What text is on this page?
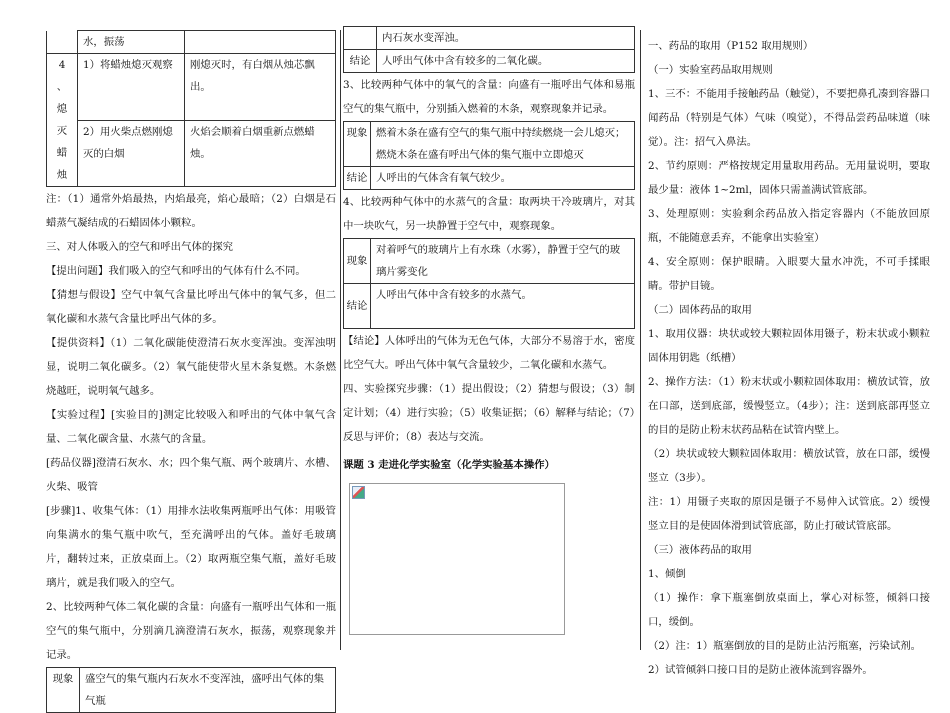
	水，振荡	
4 、熄灭蜡烛	1）将蜡烛熄灭观察	刚熄灭时，有白烟从烛芯飘出。
	2）用火柴点燃刚熄灭的白烟	火焰会顺着白烟重新点燃蜡烛。

注：（1）通常外焰最热，内焰最亮，焰心最暗；（2）白烟是石蜡蒸气凝结成的石蜡固体小颗粒。

三、对人体吸入的空气和呼出气体的探究

【提出问题】我们吸入的空气和呼出的气体有什么不同。

【猜想与假设】空气中氧气含量比呼出气体中的氧气多，但二氧化碳和水蒸气含量比呼出气体的多。

【提供资料】（1）二氧化碳能使澄清石灰水变浑浊。变浑浊明显，说明二氧化碳多。（2）氧气能使带火星木条复燃。木条燃烧越旺，说明氧气越多。

【实验过程】[实验目的]测定比较吸入和呼出的气体中氧气含量、二氧化碳含量、水蒸气的含量。

[药品仪器]澄清石灰水、水；四个集气瓶、两个玻璃片、水槽、火柴、吸管

[步骤]1、收集气体：（1）用排水法收集两瓶呼出气体：用吸管向集满水的集气瓶中吹气，至充满呼出的气体。盖好毛玻璃片，翻转过来，正放桌面上。（2）取两瓶空集气瓶，盖好毛玻璃片，就是我们吸入的空气。

2、比较两种气体二氧化碳的含量：向盛有一瓶呼出气体和一瓶空气的集气瓶中，分别滴几滴澄清石灰水，振荡，观察现象并记录。

现象	盛空气的集气瓶内石灰水不变浑浊，盛呼出气体的集气瓶
	内石灰水变浑浊。
结论	人呼出气体中含有较多的二氧化碳。

3、比较两种气体中的氧气的含量：向盛有一瓶呼出气体和易瓶空气的集气瓶中，分别插入燃着的木条，观察现象并记录。

现象	燃着木条在盛有空气的集气瓶中持续燃烧一会儿熄灭；燃烧木条在盛有呼出气体的集气瓶中立即熄灭
结论	人呼出的气体含有氧气较少。

4、比较两种气体中的水蒸气的含量：取两块干冷玻璃片，对其中一块吹气，另一块静置于空气中，观察现象。

现象	对着呼气的玻璃片上有水珠（水雾），静置于空气的玻璃片雾变化
结论	人呼出气体中含有较多的水蒸气。

【结论】人体呼出的气体为无色气体，大部分不易溶于水，密度比空气大。呼出气体中氧气含量较少，二氧化碳和水蒸气。

四、实验探究步骤：（1）提出假设；（2）猜想与假设；（3）制定计划；（4）进行实验；（5）收集证据；（6）解释与结论；（7）反思与评价；（8）表达与交流。

课题 3 走进化学实验室（化学实验基本操作）

一、药品的取用（P152 取用规则）

（一）实验室药品取用规则

1、三不：不能用手接触药品（触觉），不要把鼻孔凑到容器口闻药品（特别是气体）气味（嗅觉），不得品尝药品味道（味觉）。注：招气入鼻法。

2、节约原则：严格按规定用量取用药品。无用量说明，要取最少量：液体 1~2ml，固体只需盖满试管底部。

3、处理原则：实验剩余药品放入指定容器内（不能放回原瓶，不能随意丢弃，不能拿出实验室）

4、安全原则：保护眼睛。入眼要大量水冲洗，不可手揉眼睛。带护目镜。

（二）固体药品的取用

1、取用仪器：块状或较大颗粒固体用镊子，粉末状或小颗粒固体用钥匙（纸槽）

2、操作方法：（1）粉末状或小颗粒固体取用：横放试管，放在口部，送到底部，缓慢竖立。（4步）；注：送到底部再竖立的目的是防止粉末状药品粘在试管内壁上。

（2）块状或较大颗粒固体取用：横放试管，放在口部，缓慢竖立（3步）。

注：1）用镊子夹取的原因是镊子不易伸入试管底。2）缓慢竖立目的是使固体滑到试管底部，防止打破试管底部。

（三）液体药品的取用

1、倾倒

（1）操作：拿下瓶塞倒放桌面上，掌心对标签，倾斜口接口，缓倒。

（2）注：1）瓶塞倒放的目的是防止沾污瓶塞，污染试剂。

2）试管倾斜口接口目的是防止液体流到容器外。
